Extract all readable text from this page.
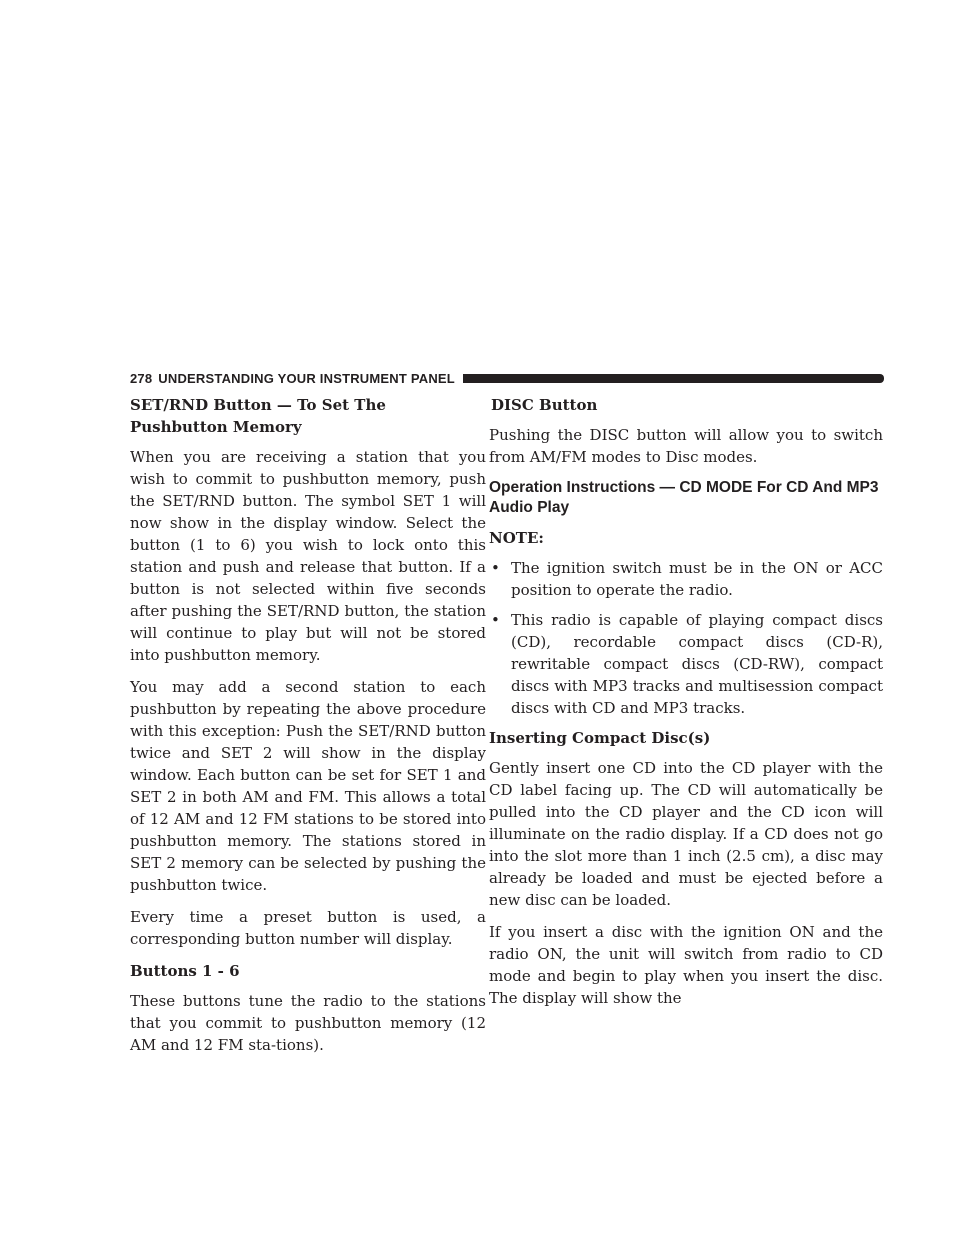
278 UNDERSTANDING YOUR INSTRUMENT PANEL
SET/RND Button — To Set The Pushbutton Memory

When you are receiving a station that you wish to commit to pushbutton memory, push the SET/RND button. The symbol SET 1 will now show in the display window. Select the button (1 to 6) you wish to lock onto this station and push and release that button. If a button is not selected within five seconds after pushing the SET/RND button, the station will continue to play but will not be stored into pushbutton memory.

You may add a second station to each pushbutton by repeating the above procedure with this exception: Push the SET/RND button twice and SET 2 will show in the display window. Each button can be set for SET 1 and SET 2 in both AM and FM. This allows a total of 12 AM and 12 FM stations to be stored into pushbutton memory. The stations stored in SET 2 memory can be selected by pushing the pushbutton twice.

Every time a preset button is used, a corresponding button number will display.

Buttons 1 - 6

These buttons tune the radio to the stations that you commit to pushbutton memory (12 AM and 12 FM sta-tions).

DISC Button

Pushing the DISC button will allow you to switch from AM/FM modes to Disc modes.

Operation Instructions — CD MODE For CD And MP3 Audio Play
NOTE:
• The ignition switch must be in the ON or ACC position to operate the radio.
• This radio is capable of playing compact discs (CD), recordable compact discs (CD-R), rewritable compact discs (CD-RW), compact discs with MP3 tracks and multisession compact discs with CD and MP3 tracks.
Inserting Compact Disc(s)

Gently insert one CD into the CD player with the CD label facing up. The CD will automatically be pulled into the CD player and the CD icon will illuminate on the radio display. If a CD does not go into the slot more than 1 inch (2.5 cm), a disc may already be loaded and must be ejected before a new disc can be loaded.

If you insert a disc with the ignition ON and the radio ON, the unit will switch from radio to CD mode and begin to play when you insert the disc. The display will show the
